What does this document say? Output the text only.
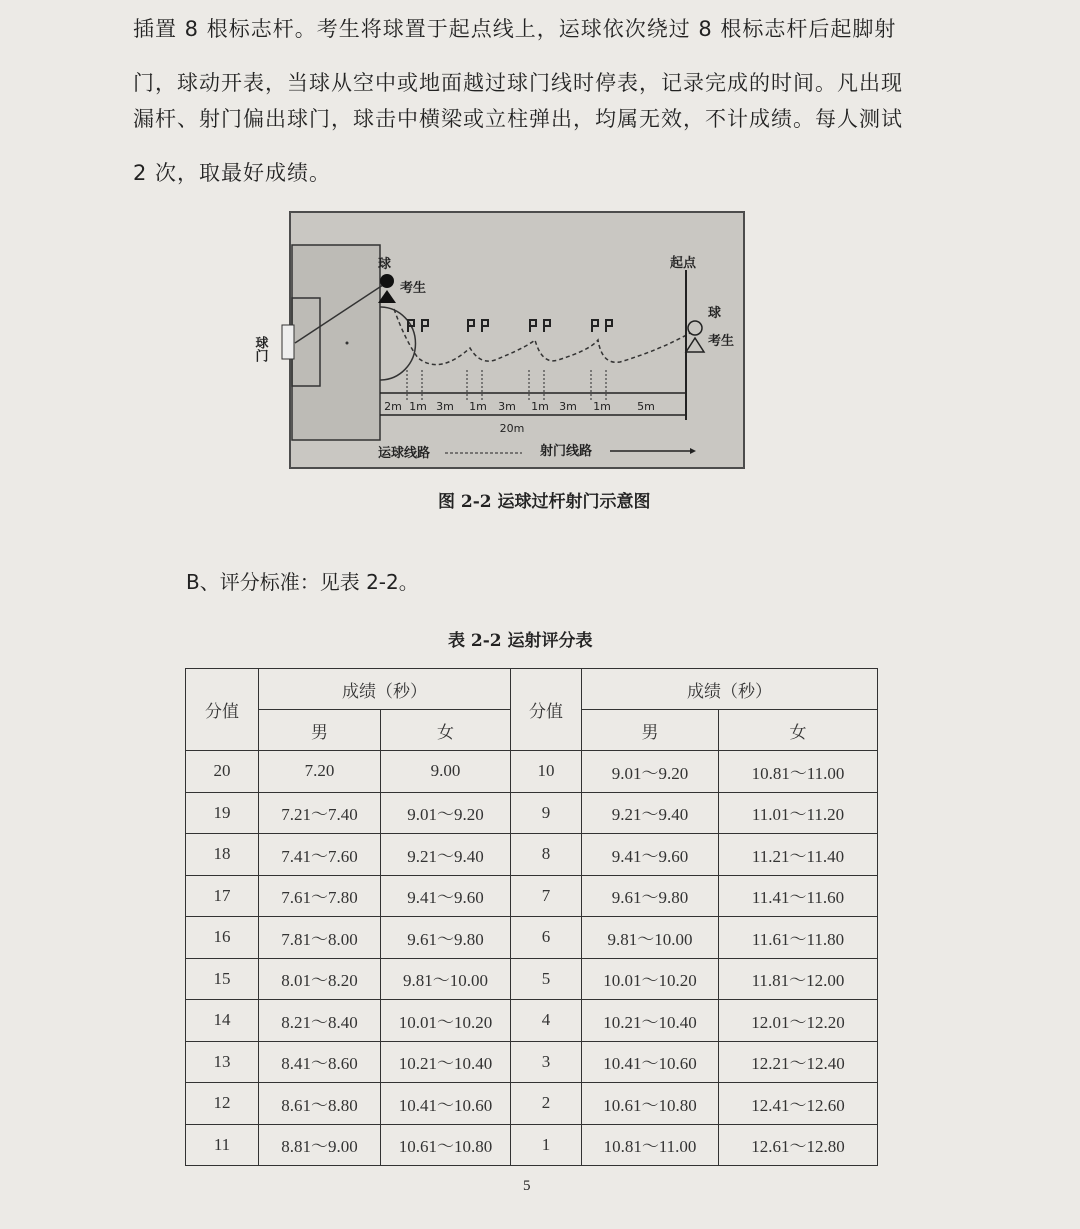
插置 8 根标志杆。考生将球置于起点线上，运球依次绕过 8 根标志杆后起脚射
门，球动开表，当球从空中或地面越过球门线时停表，记录完成的时间。凡出现
漏杆、射门偏出球门，球击中横梁或立柱弹出，均属无效，不计成绩。每人测试
2 次，取最好成绩。
球
考生
起点
球
考生
球门
2m 1m 3m 1m 3m 1m 3m 1m 5m
20m
运球线路	射门线路
图 2-2 运球过杆射门示意图
B、评分标准：见表 2-2。
表 2-2 运射评分表
分值	成绩（秒）		分值	成绩（秒）	
	男	女		男	女
20	7.20	9.00	10	9.01～9.20	10.81～11.00
19	7.21～7.40	9.01～9.20	9	9.21～9.40	11.01～11.20
18	7.41～7.60	9.21～9.40	8	9.41～9.60	11.21～11.40
17	7.61～7.80	9.41～9.60	7	9.61～9.80	11.41～11.60
16	7.81～8.00	9.61～9.80	6	9.81～10.00	11.61～11.80
15	8.01～8.20	9.81～10.00	5	10.01～10.20	11.81～12.00
14	8.21～8.40	10.01～10.20	4	10.21～10.40	12.01～12.20
13	8.41～8.60	10.21～10.40	3	10.41～10.60	12.21～12.40
12	8.61～8.80	10.41～10.60	2	10.61～10.80	12.41～12.60
11	8.81～9.00	10.61～10.80	1	10.81～11.00	12.61～12.80
5
